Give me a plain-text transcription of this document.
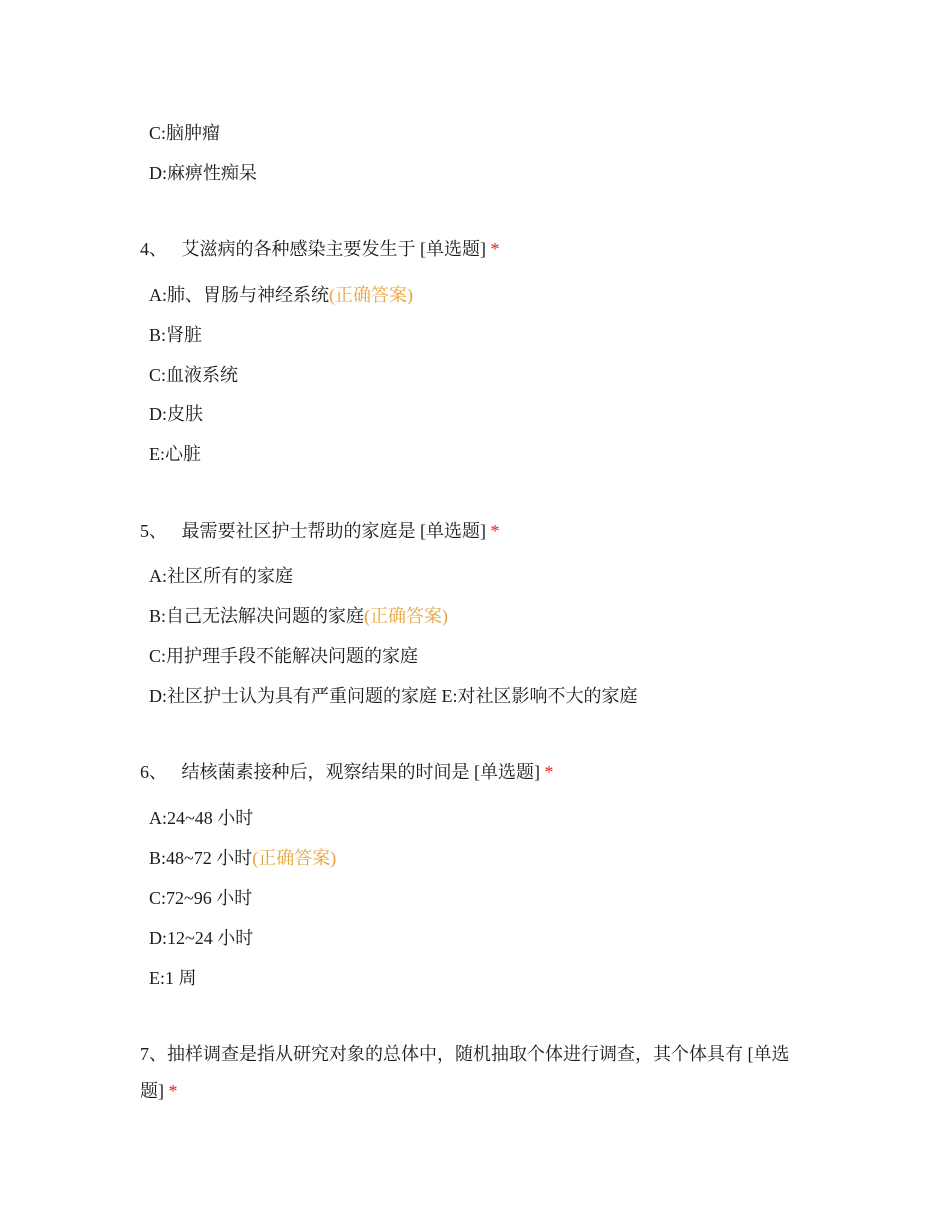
C:脑肿瘤
D:麻痹性痴呆
4、 艾滋病的各种感染主要发生于 [单选题] *
A:肺、胃肠与神经系统(正确答案)
B:肾脏
C:血液系统
D:皮肤
E:心脏
5、 最需要社区护士帮助的家庭是 [单选题] *
A:社区所有的家庭
B:自己无法解决问题的家庭(正确答案)
C:用护理手段不能解决问题的家庭
D:社区护士认为具有严重问题的家庭 E:对社区影响不大的家庭
6、 结核菌素接种后，观察结果的时间是 [单选题] *
A:24~48 小时
B:48~72 小时(正确答案)
C:72~96 小时
D:12~24 小时
E:1 周
7、抽样调查是指从研究对象的总体中，随机抽取个体进行调查，其个体具有 [单选题] *
